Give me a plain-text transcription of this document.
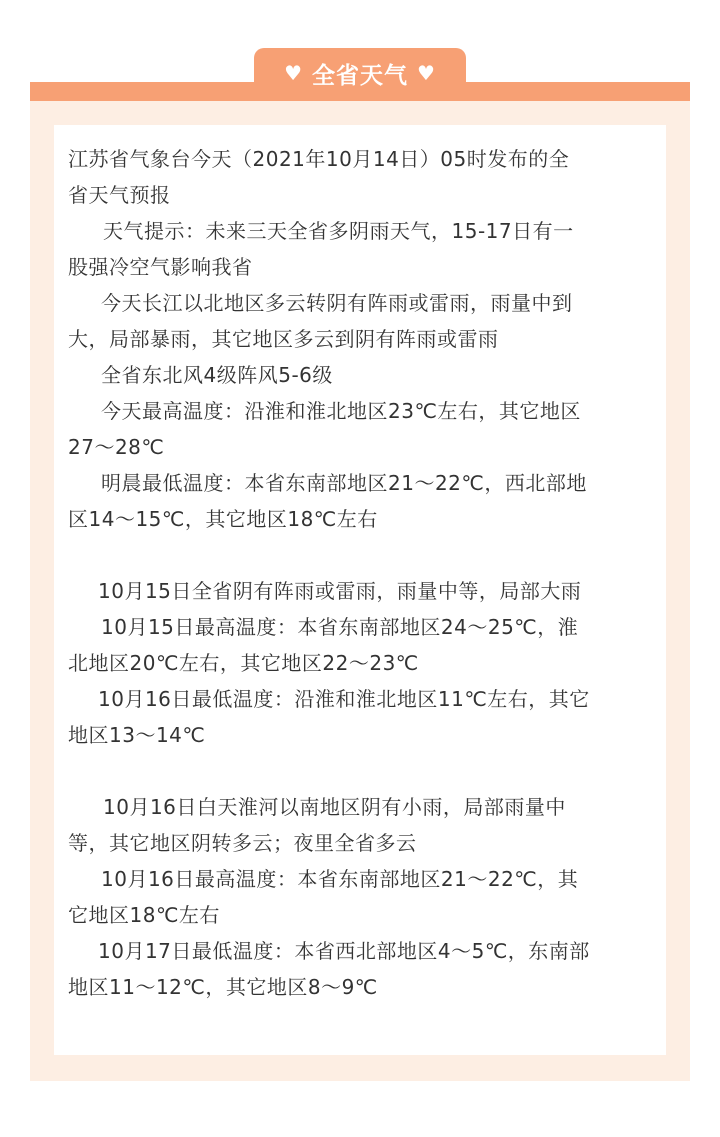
♥ 全省天气 ♥
江苏省气象台今天（2021年10月14日）05时发布的全
省天气预报
天气提示：未来三天全省多阴雨天气，15-17日有一
股强冷空气影响我省
今天长江以北地区多云转阴有阵雨或雷雨，雨量中到
大，局部暴雨，其它地区多云到阴有阵雨或雷雨
全省东北风4级阵风5-6级
今天最高温度：沿淮和淮北地区23℃左右，其它地区
27～28℃
明晨最低温度：本省东南部地区21～22℃，西北部地
区14～15℃，其它地区18℃左右
10月15日全省阴有阵雨或雷雨，雨量中等，局部大雨
10月15日最高温度：本省东南部地区24～25℃，淮
北地区20℃左右，其它地区22～23℃
10月16日最低温度：沿淮和淮北地区11℃左右，其它
地区13～14℃
10月16日白天淮河以南地区阴有小雨，局部雨量中
等，其它地区阴转多云；夜里全省多云
10月16日最高温度：本省东南部地区21～22℃，其
它地区18℃左右
10月17日最低温度：本省西北部地区4～5℃，东南部
地区11～12℃，其它地区8～9℃
